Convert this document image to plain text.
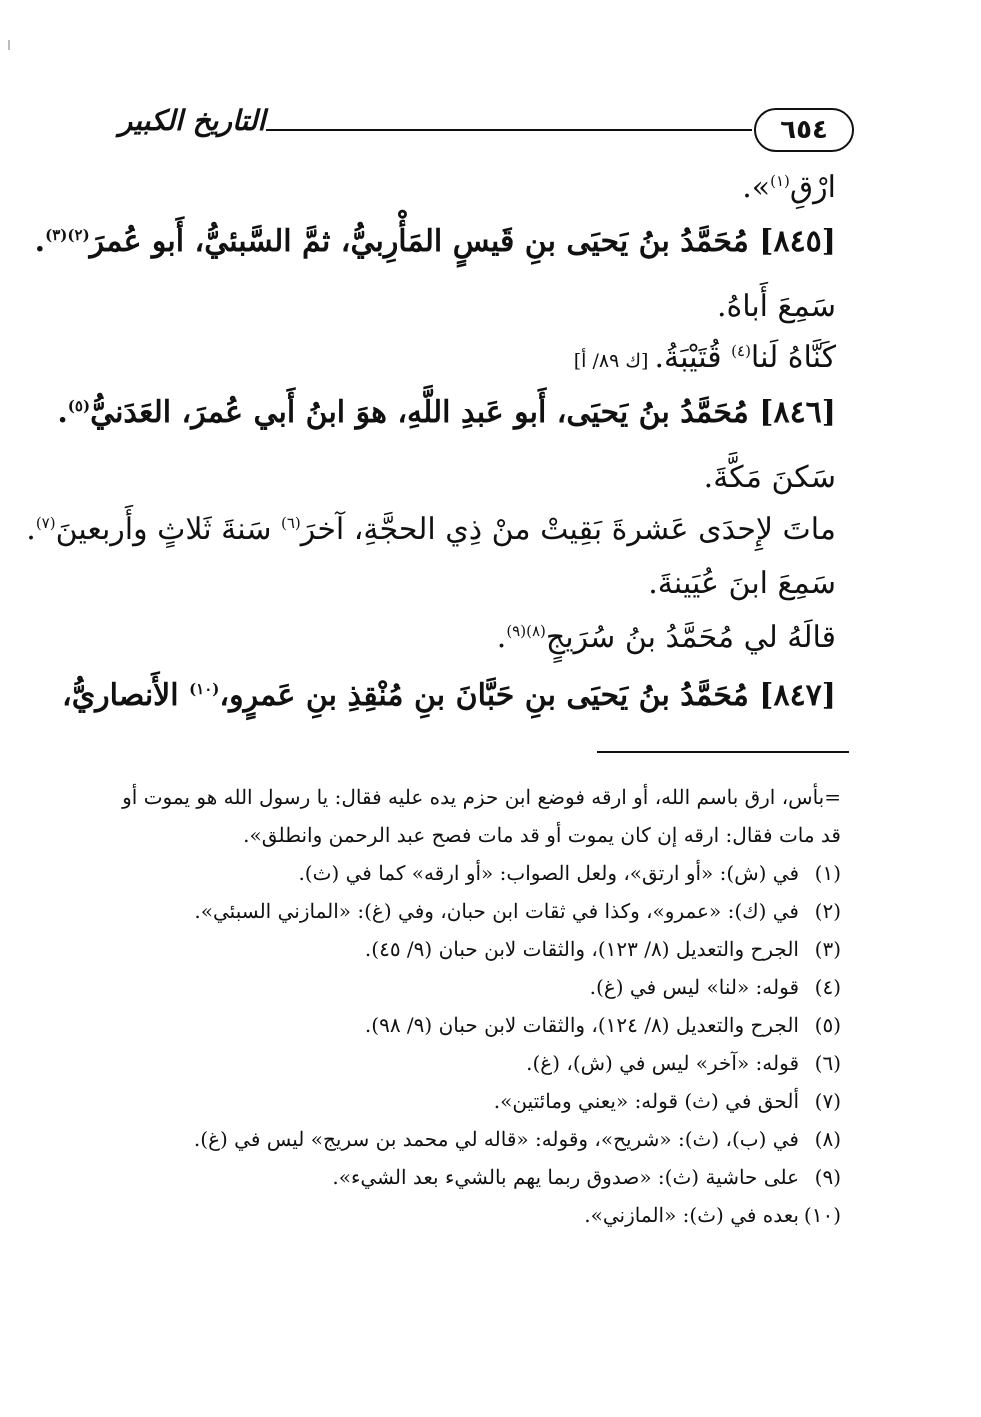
٦٥٤
التاريخ الكبير
ارْقِ$^{(١)}$».
[٨٤٥] مُحَمَّدُ بنُ يَحيَى بنِ قَيسٍ المَأْرِبيُّ، ثمَّ السَّبئيُّ، أَبو عُمرَ$^{(٢)(٣)}$.
سَمِعَ أَباهُ.
كَنَّاهُ لَنا$^{(٤)}$ قُتَيْبَةُ. [ك ٨٩/ أ]
[٨٤٦] مُحَمَّدُ بنُ يَحيَى، أَبو عَبدِ اللَّهِ، هوَ ابنُ أَبي عُمرَ، العَدَنيُّ$^{(٥)}$.
سَكنَ مَكَّةَ.
ماتَ لإِحدَى عَشرةَ بَقِيتْ منْ ذِي الحجَّةِ، آخرَ$^{(٦)}$ سَنةَ ثَلاثٍ وأَربعينَ$^{(٧)}$.
سَمِعَ ابنَ عُيَينةَ.
قالَهُ لي مُحَمَّدُ بنُ سُرَيجٍ$^{(٨)(٩)}$.
[٨٤٧] مُحَمَّدُ بنُ يَحيَى بنِ حَبَّانَ بنِ مُنْقِذِ بنِ عَمرٍو،$^{(١٠)}$ الأَنصاريُّ،
=بأس، ارق باسم الله، أو ارقه فوضع ابن حزم يده عليه فقال: يا رسول الله هو يموت أو قد مات فقال: ارقه إن كان يموت أو قد مات فصح عبد الرحمن وانطلق».
(١)
في (ش): «أو ارتق»، ولعل الصواب: «أو ارقه» كما في (ث).
(٢)
في (ك): «عمرو»، وكذا في ثقات ابن حبان، وفي (غ): «المازني السبئي».
(٣)
الجرح والتعديل (٨/ ١٢٣)، والثقات لابن حبان (٩/ ٤٥).
(٤)
قوله: «لنا» ليس في (غ).
(٥)
الجرح والتعديل (٨/ ١٢٤)، والثقات لابن حبان (٩/ ٩٨).
(٦)
قوله: «آخر» ليس في (ش)، (غ).
(٧)
ألحق في (ث) قوله: «يعني ومائتين».
(٨)
في (ب)، (ث): «شريح»، وقوله: «قاله لي محمد بن سريج» ليس في (غ).
(٩)
على حاشية (ث): «صدوق ربما يهم بالشيء بعد الشيء».
(١٠)
بعده في (ث): «المازني».
